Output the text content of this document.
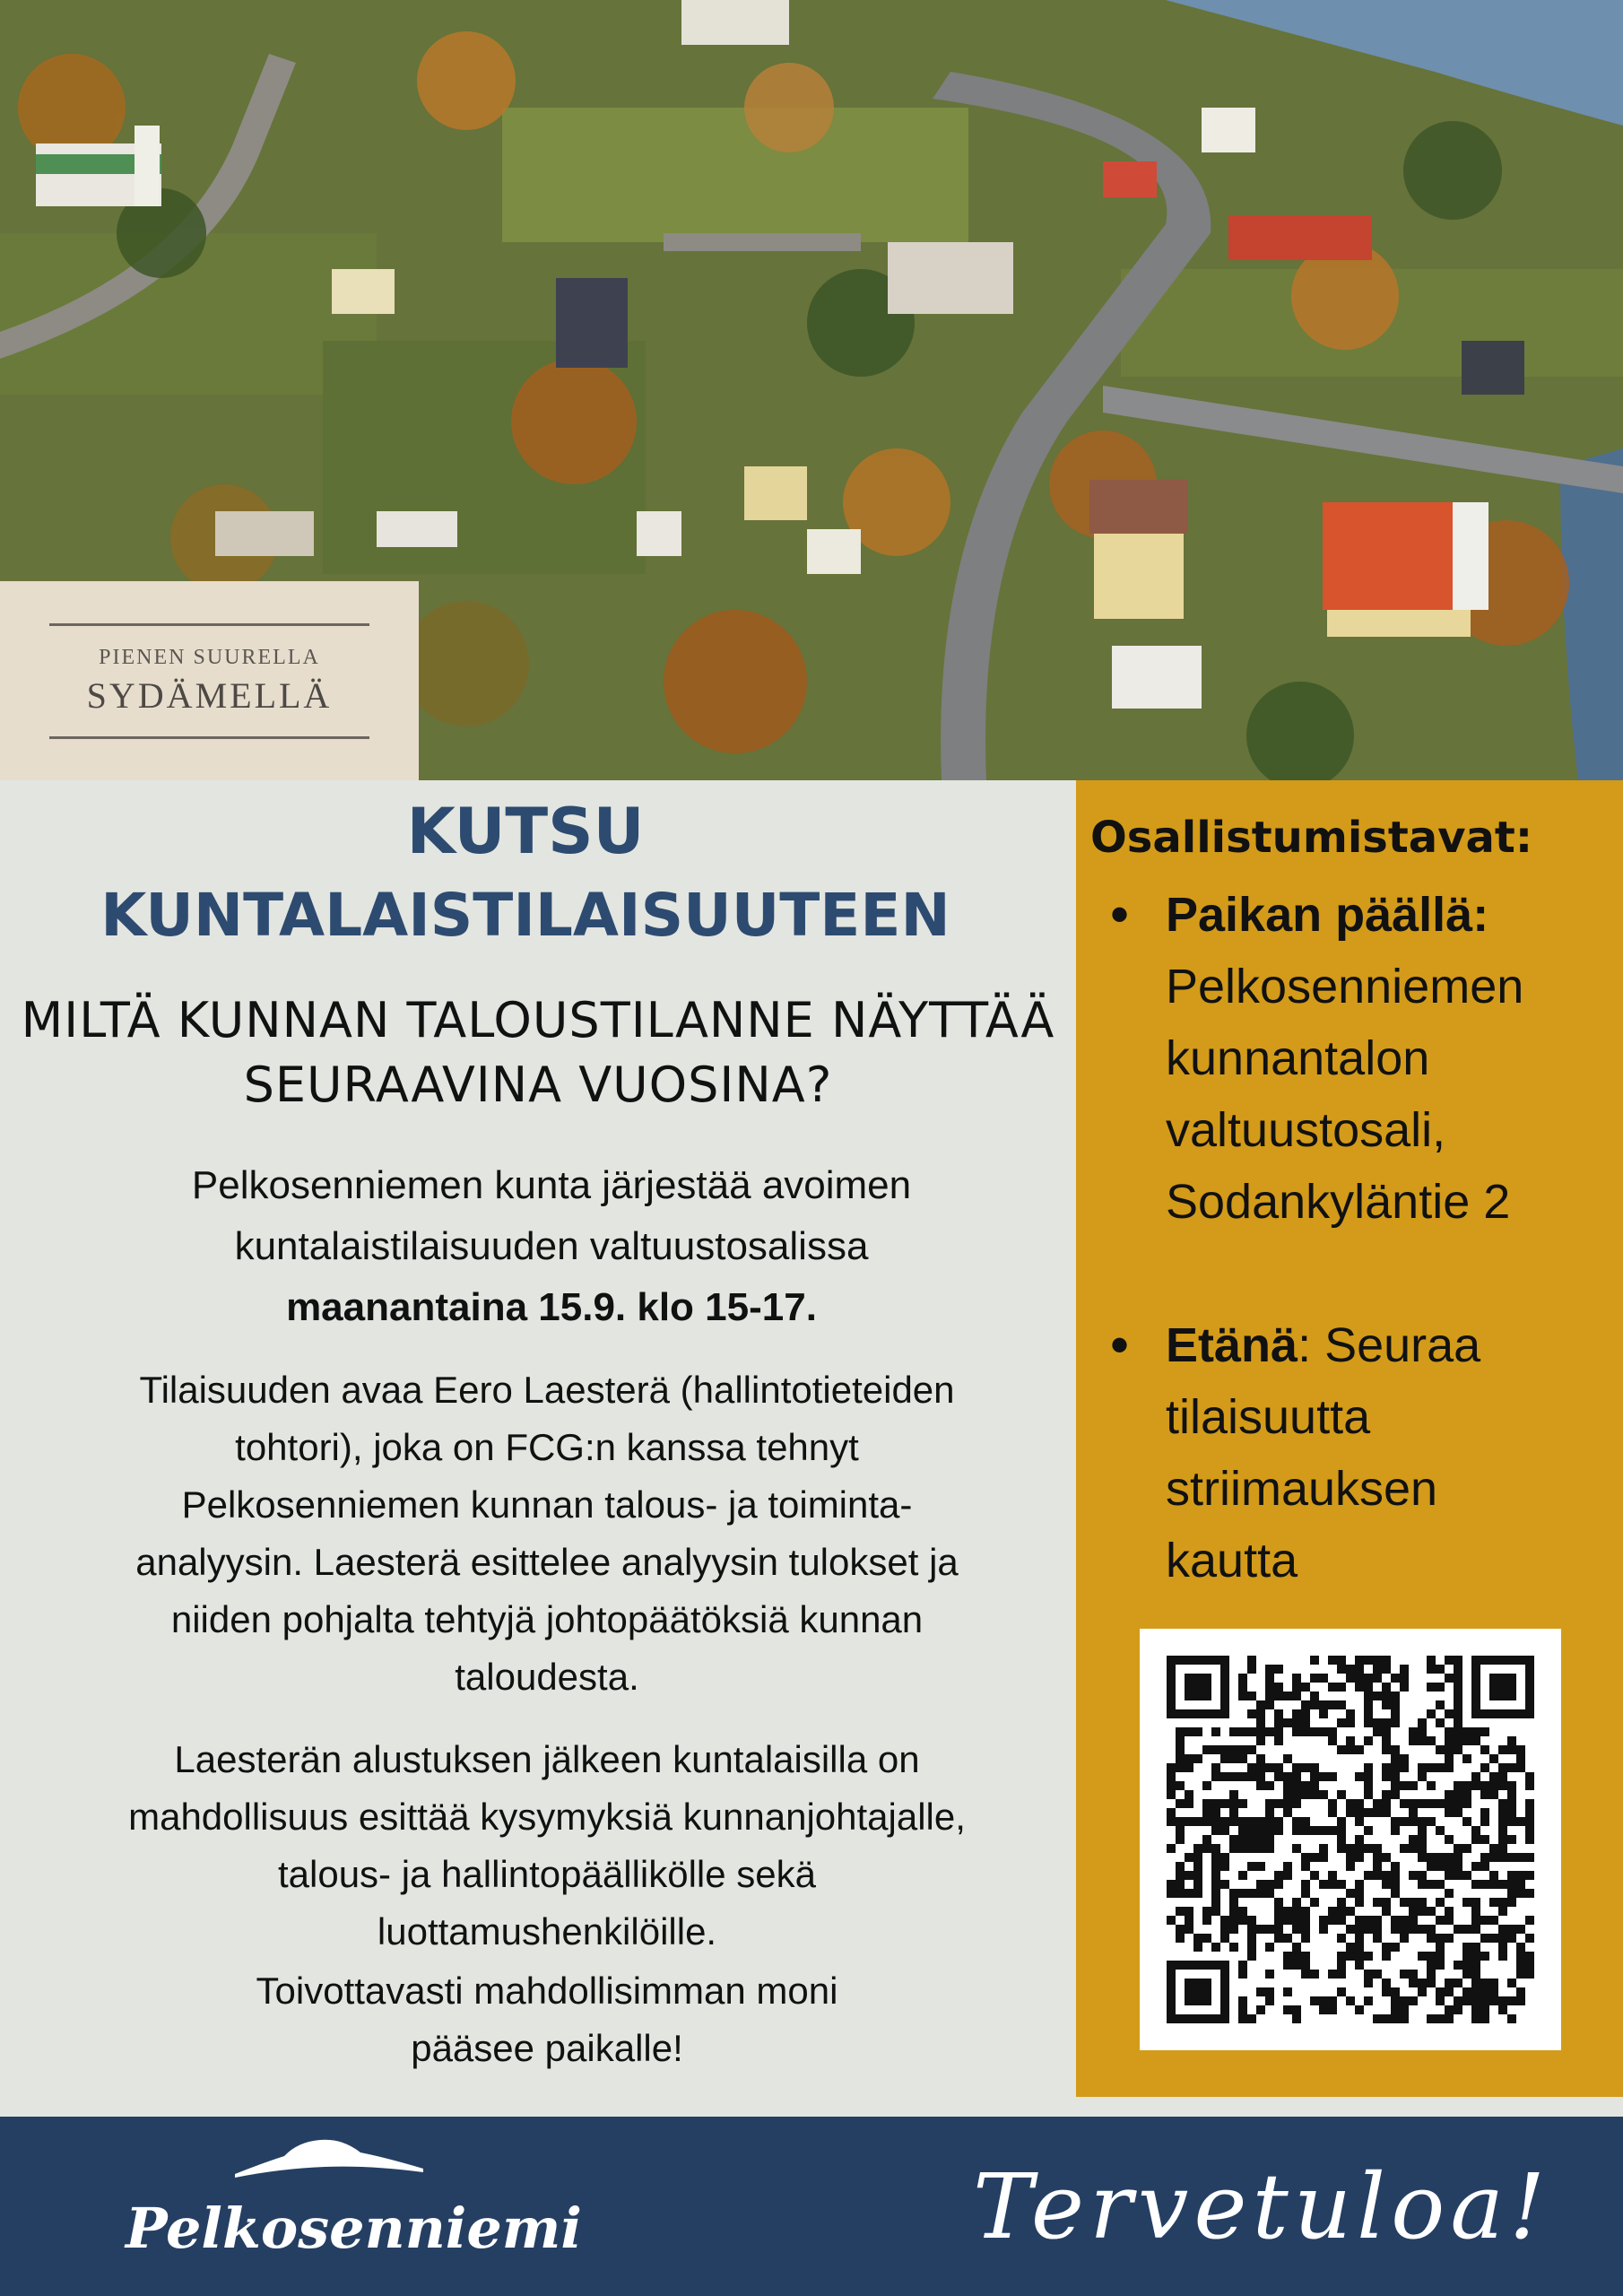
PIENEN SUURELLA
SYDÄMELLÄ
KUTSU
KUNTALAISTILAISUUTEEN
MILTÄ KUNNAN TALOUSTILANNE NÄYTTÄÄ
SEURAAVINA VUOSINA?
Pelkosenniemen kunta järjestää avoimen
kuntalaistilaisuuden valtuustosalissa
maanantaina 15.9. klo 15-17.
Tilaisuuden avaa Eero Laesterä (hallintotieteiden
tohtori), joka on FCG:n kanssa tehnyt
Pelkosenniemen kunnan talous- ja toiminta-
analyysin. Laesterä esittelee analyysin tulokset ja
niiden pohjalta tehtyjä johtopäätöksiä kunnan
taloudesta.
Laesterän alustuksen jälkeen kuntalaisilla on
mahdollisuus esittää kysymyksiä kunnanjohtajalle,
talous- ja hallintopäällikölle sekä
luottamushenkilöille.
Toivottavasti mahdollisimman moni
pääsee paikalle!
Osallistumistavat:
• Paikan päällä:
Pelkosenniemen
kunnantalon
valtuustosali,
Sodankyläntie 2
• Etänä: Seuraa
tilaisuutta
striimauksen
kautta
Pelkosenniemi	Tervetuloa!
